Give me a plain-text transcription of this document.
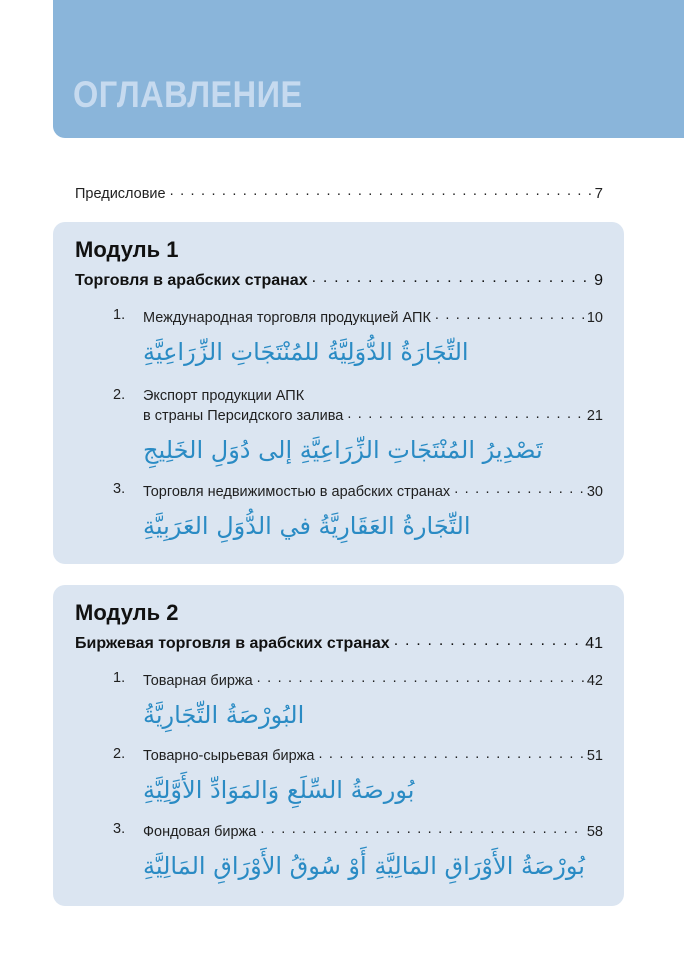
ОГЛАВЛЕНИЕ
Предисловие . . .	7
Модуль 1
Торговля в арабских странах . . .	9
1.	Международная торговля продукцией АПК . . .	10
التِّجَارَةُ الدُّوَلِيَّةُ للمُنْتَجَاتِ الزِّرَاعِيَّةِ
2.	Экспорт продукции АПК
в страны Персидского залива . . .	21
تَصْدِيرُ المُنْتَجَاتِ الزِّرَاعِيَّةِ إلى دُوَلِ الخَلِيجِ
3.	Торговля недвижимостью в арабских странах . . .	30
التِّجَارةُ العَقَارِيَّةُ في الدُّوَلِ العَرَبِيَّةِ
Модуль 2
Биржевая торговля в арабских странах . . .	41
1.	Товарная биржа . . .	42
البُورْصَةُ التِّجَارِيَّةُ
2.	Товарно-сырьевая биржа . . .	51
بُورصَةُ السِّلَعِ وَالمَوَادِّ الأَوَّلِيَّةِ
3.	Фондовая биржа . . .	58
بُورْصَةُ الأَوْرَاقِ المَالِيَّةِ أَوْ سُوقُ الأَوْرَاقِ المَالِيَّةِ
